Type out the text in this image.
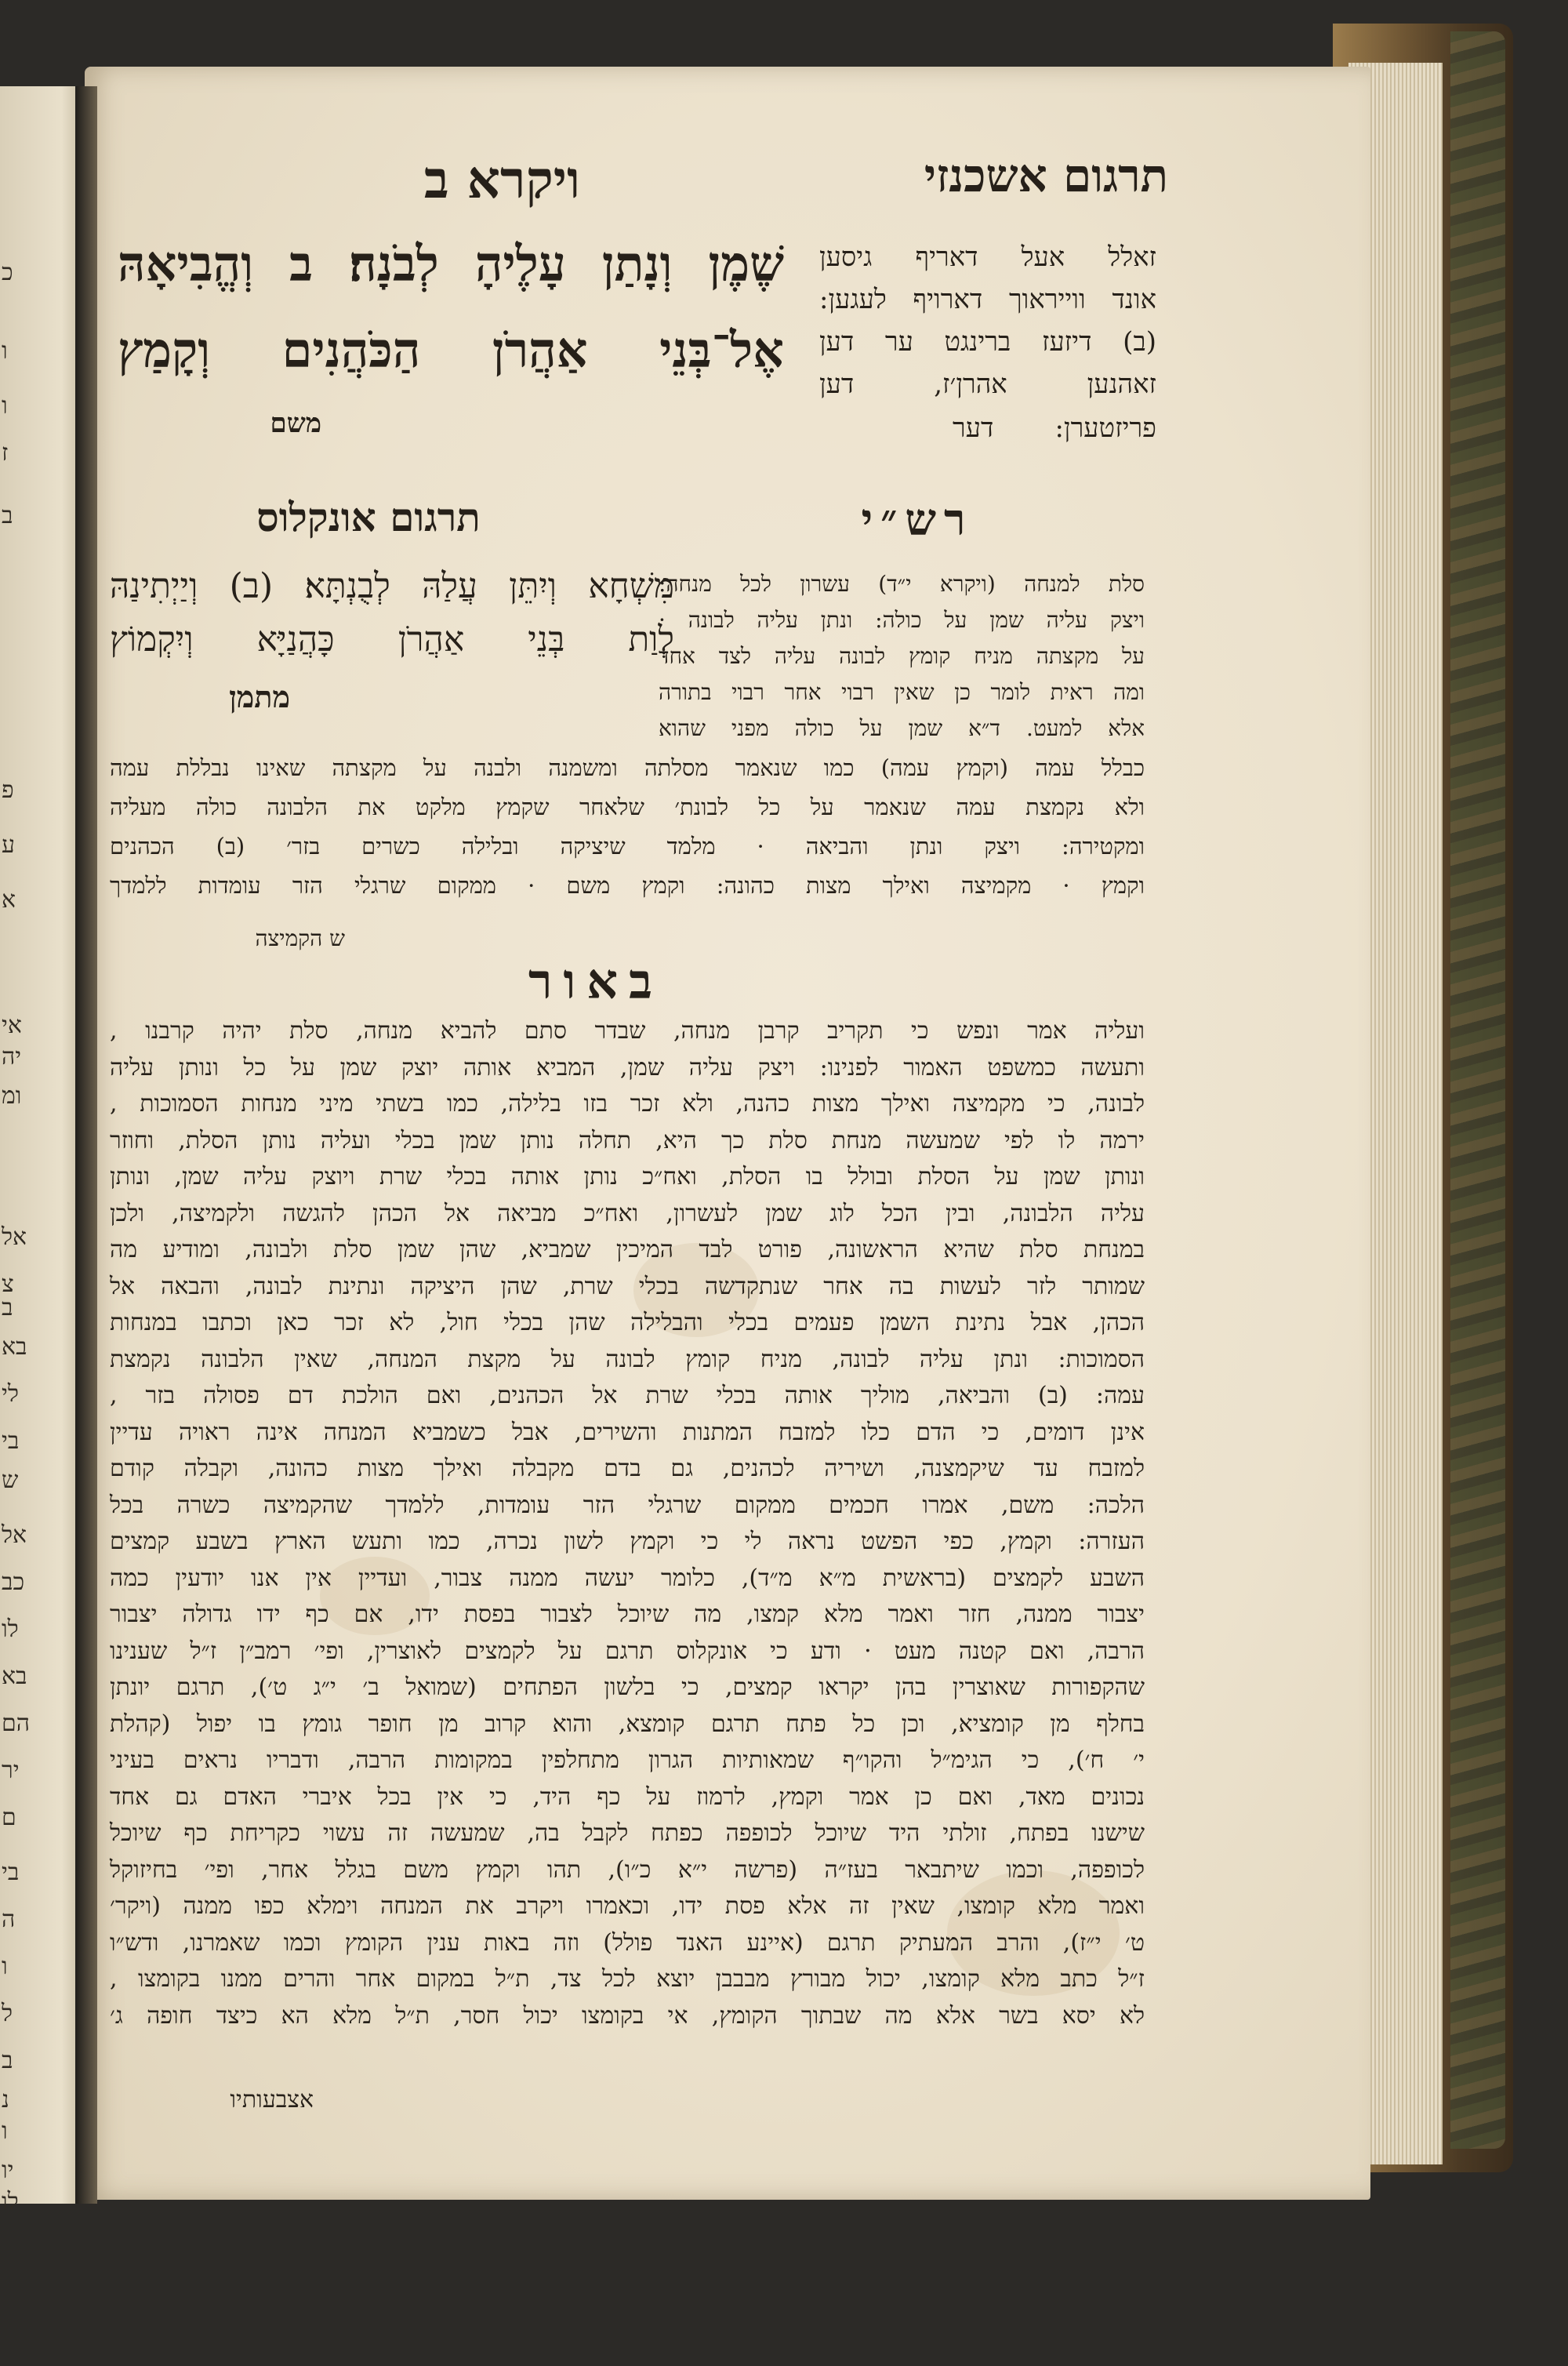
כ
ו
ו
ז
ב
פ
ע
א
אי
יה
ומ
אל
צ
ב
בא
לי
בי
ש
אל
כב
לו
בא
הם
יר
ם
בי
ה
ו
ל
ב
נ
ו
יו
לו
תרגום אשכנזי
ויקרא ב
שֶׁמֶן וְנָתַן עָלֶיהָ לְבֹנָה׃ ב וְהֱבִיאָהּ
אֶל־בְּנֵי אַהֲרֹן הַכֹּהֲנִים וְקָמַץ
משם
זאלל אעל דאריף גיסען
אונד ווייראוך דארויף לעגען:
(ב) דיזעז ברינגט ער דען
זאהנען אהרן׳ז, דען
פריזטערן: דער
תרגום אונקלוס	רש״י
מִשְׁחָא וְיִתֵּן עֲלַהּ לְבֻנְתָּא׃ (ב) וְיַיְתִינַהּ
לְוַת בְּנֵי אַהֲרֹן כָּהֲנַיָּא וְיִקְמוֹץ
מתמן
סלת למנחה (ויקרא י״ד) עשרון לכל מנחה:
ויצק עליה שמן על כולה: ונתן עליה לבונה ·
על מקצתה מניח קומץ לבונה עליה לצד אחד
ומה ראית לומר כן שאין רבוי אחר רבוי בתורה
אלא למעט. ד״א שמן על כולה מפני שהוא
כבלל עמה (וקמץ עמה) כמו שנאמר מסלתה ומשמנה ולבנה על מקצתה שאינו נבללת עמה
ולא נקמצת עמה שנאמר על כל לבונת׳ שלאחר שקמץ מלקט את הלבונה כולה מעליה
ומקטירה: ויצק ונתן והביאה · מלמד שיציקה ובלילה כשרים בזר׳ (ב) הכהנים
וקמץ · מקמיצה ואילך מצות כהונה: וקמץ משם · ממקום שרגלי הזר עומדות ללמדך
ש הקמיצה
באור
ועליה אמר ונפש כי תקריב קרבן מנחה, שבדר סתם להביא מנחה, סלת יהיה קרבנו ,
ותעשה כמשפט האמור לפנינו: ויצק עליה שמן, המביא אותה יוצק שמן על כל ונותן עליה
לבונה, כי מקמיצה ואילך מצות כהנה, ולא זכר בזו בלילה, כמו בשתי מיני מנחות הסמוכות ,
ירמה לו לפי שמעשה מנחת סלת כך היא, תחלה נותן שמן בכלי ועליה נותן הסלת, וחוזר
ונותן שמן על הסלת ובולל בו הסלת, ואח״כ נותן אותה בכלי שרת ויוצק עליה שמן, ונותן
עליה הלבונה, ובין הכל לוג שמן לעשרון, ואח״כ מביאה אל הכהן להגשה ולקמיצה, ולכן
במנחת סלת שהיא הראשונה, פורט לבד המיכין שמביא, שהן שמן סלת ולבונה, ומודיע מה
שמותר לזר לעשות בה אחר שנתקדשה בכלי שרת, שהן היציקה ונתינת לבונה, והבאה אל
הכהן, אבל נתינת השמן פעמים בכלי והבלילה שהן בכלי חול, לא זכר כאן וכתבו במנחות
הסמוכות: ונתן עליה לבונה, מניח קומץ לבונה על מקצת המנחה, שאין הלבונה נקמצת
עמה: (ב) והביאה, מוליך אותה בכלי שרת אל הכהנים, ואם הולכת דם פסולה בזר ,
אינן דומים, כי הדם כלו למזבח המתנות והשירים, אבל כשמביא המנחה אינה ראויה עדיין
למזבח עד שיקמצנה, ושיריה לכהנים, גם בדם מקבלה ואילך מצות כהונה, וקבלה קודם
הלכה: משם, אמרו חכמים ממקום שרגלי הזר עומדות, ללמדך שהקמיצה כשרה בכל
העזרה: וקמץ, כפי הפשט נראה לי כי וקמץ לשון נכרה, כמו ותעש הארץ בשבע קמצים
השבע לקמצים (בראשית מ״א מ״ד), כלומר יעשה ממנה צבור, ועדיין אין אנו יודעין כמה
יצבור ממנה, חזר ואמר מלא קמצו, מה שיוכל לצבור בפסת ידו, אם כף ידו גדולה יצבור
הרבה, ואם קטנה מעט · ודע כי אונקלוס תרגם על לקמצים לאוצרין, ופי׳ רמב״ן ז״ל שענינו
שהקפורות שאוצרין בהן יקראו קמצים, כי בלשון הפתחים (שמואל ב׳ י״ג ט׳), תרגם יונתן
בחלף מן קומציא, וכן כל פתח תרגם קומצא, והוא קרוב מן חופר גומץ בו יפול (קהלת
י׳ ח׳), כי הגימ״ל והקו״ף שמאותיות הגרון מתחלפין במקומות הרבה, ודבריו נראים בעיני
נכונים מאד, ואם כן אמר וקמץ, לרמוז על כף היד, כי אין בכל איברי האדם גם אחד
שישנו בפתח, זולתי היד שיוכל לכופפה כפתח לקבל בה, שמעשה זה עשוי כקריחת כף שיוכל
לכופפה, וכמו שיתבאר בעז״ה (פרשה י״א כ״ו), תהו וקמץ משם בגלל אחר, ופי׳ בחיזוקל
ואמר מלא קומצו, שאין זה אלא פסת ידו, וכאמרו ויקרב את המנחה וימלא כפו ממנה (ויקר׳
ט׳ י״ז), והרב המעתיק תרגם (איינע האנד פולל) וזה באות ענין הקומץ וכמו שאמרנו, ודש״ו
ז״ל כתב מלא קומצו, יכול מבורץ מבבבן יוצא לכל צד, ת״ל במקום אחר והרים ממנו בקומצו ,
לא יסא בשר אלא מה שבתוך הקומץ, אי בקומצו יכול חסר, ת״ל מלא הא כיצד חופה ג׳
אצבעותיו
